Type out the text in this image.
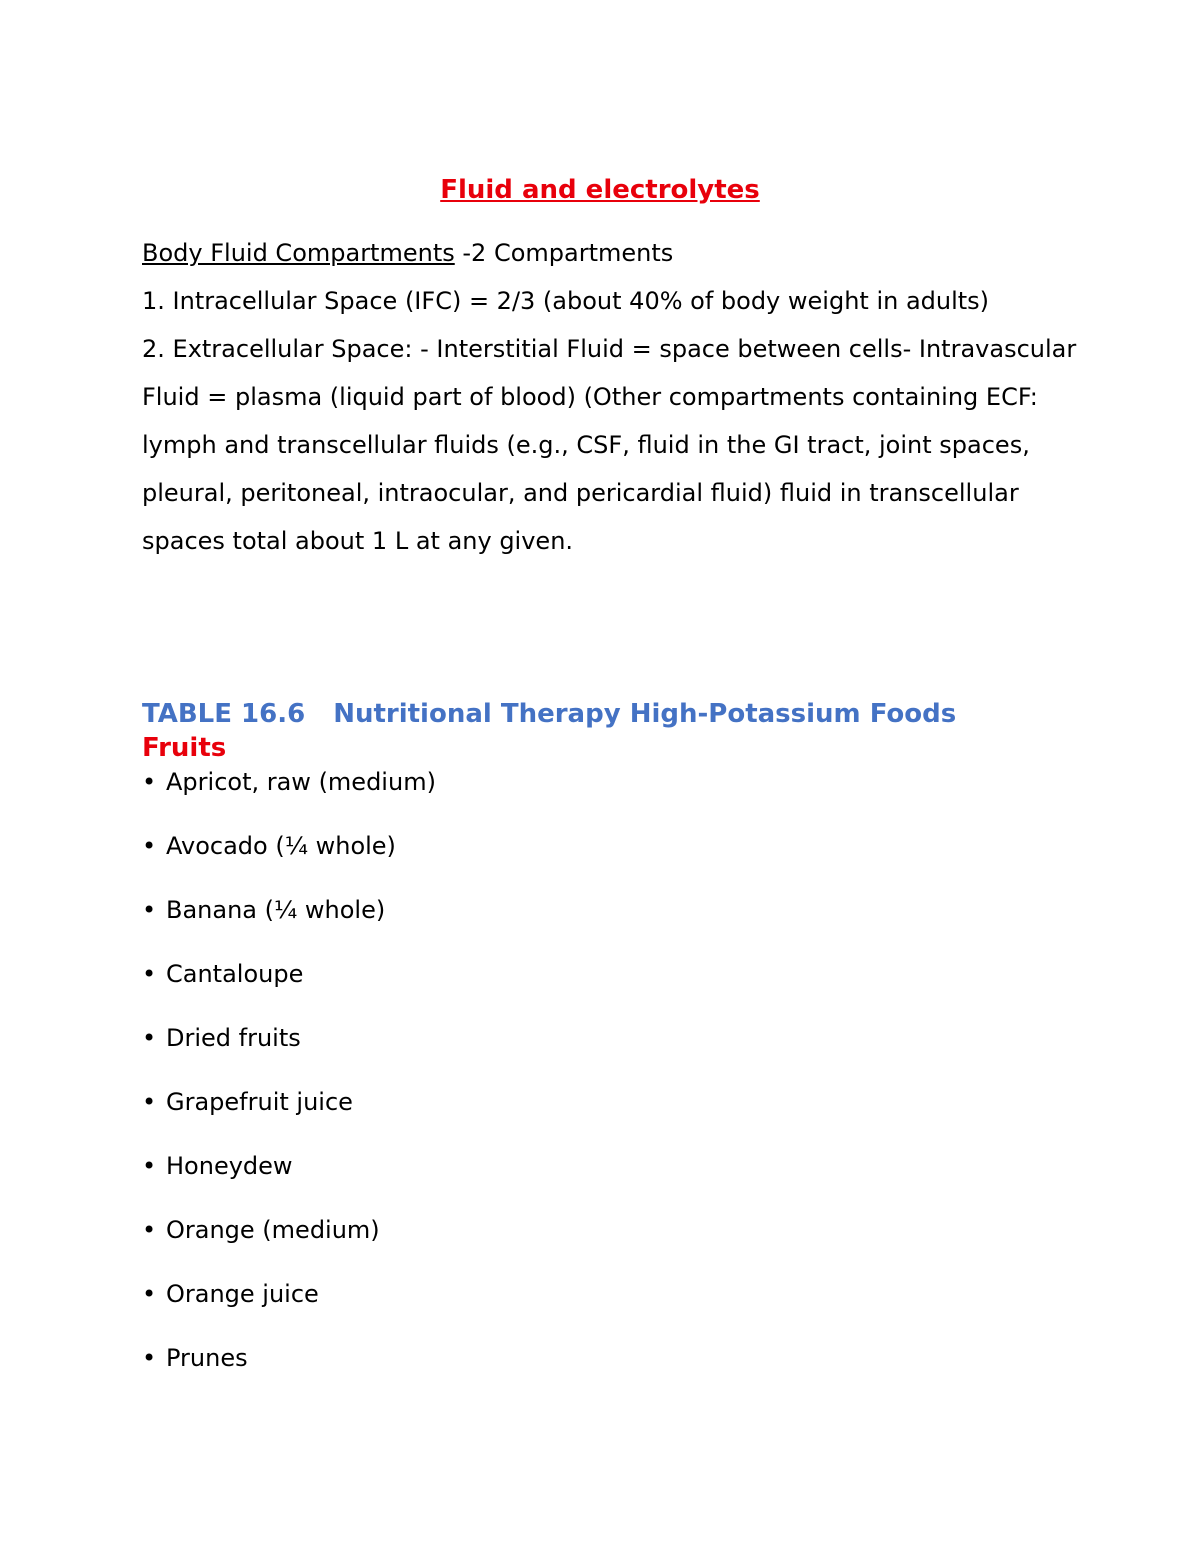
Fluid and electrolytes

Body Fluid Compartments -2 Compartments

1. Intracellular Space (IFC) = 2/3 (about 40% of body weight in adults)

2. Extracellular Space: - Interstitial Fluid = space between cells- Intravascular Fluid = plasma (liquid part of blood) (Other compartments containing ECF: lymph and transcellular fluids (e.g., CSF, fluid in the GI tract, joint spaces, pleural, peritoneal, intraocular, and pericardial fluid) fluid in transcellular spaces total about 1 L at any given.

TABLE 16.6 Nutritional Therapy High-Potassium Foods
Fruits
• Apricot, raw (medium)
• Avocado (¼ whole)
• Banana (¼ whole)
• Cantaloupe
• Dried fruits
• Grapefruit juice
• Honeydew
• Orange (medium)
• Orange juice
• Prunes
